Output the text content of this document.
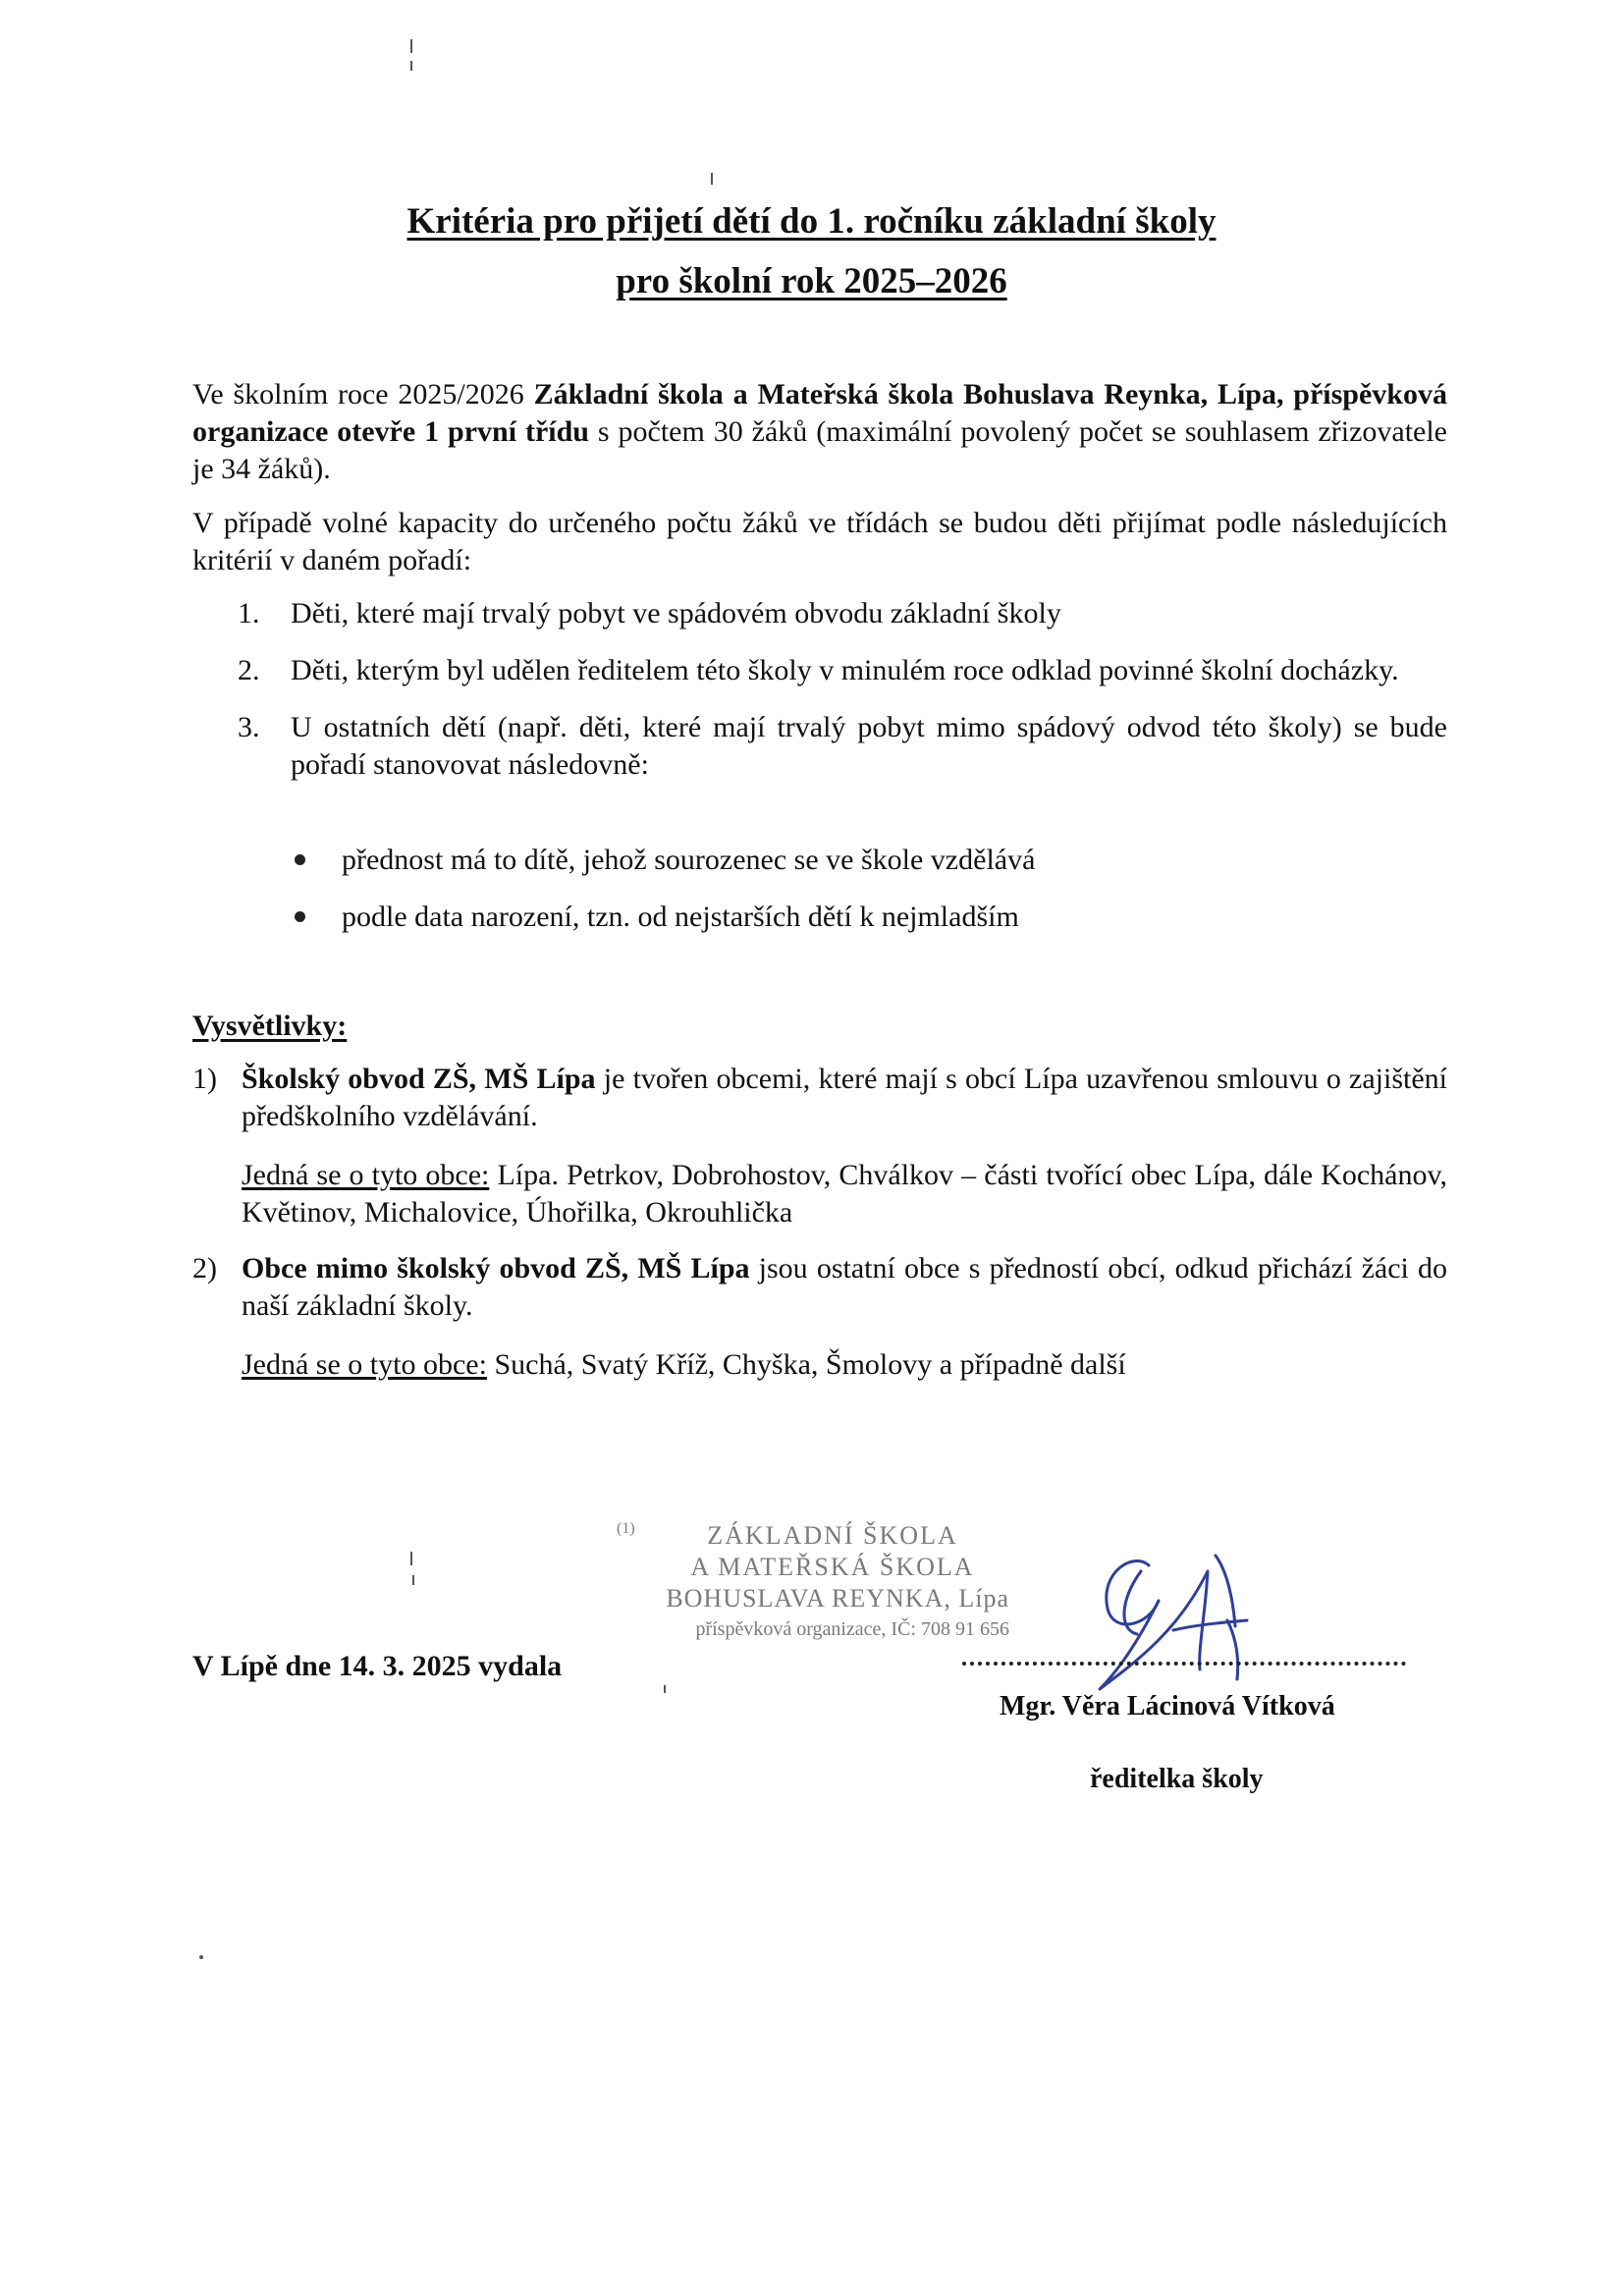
Kritéria pro přijetí dětí do 1. ročníku základní školy
pro školní rok 2025–2026

Ve školním roce 2025/2026 Základní škola a Mateřská škola Bohuslava Reynka, Lípa, příspěvková organizace otevře 1 první třídu s počtem 30 žáků (maximální povolený počet se souhlasem zřizovatele je 34 žáků).

V případě volné kapacity do určeného počtu žáků ve třídách se budou děti přijímat podle následujících kritérií v daném pořadí:

1. Děti, které mají trvalý pobyt ve spádovém obvodu základní školy
2. Děti, kterým byl udělen ředitelem této školy v minulém roce odklad povinné školní docházky.
3. U ostatních dětí (např. děti, které mají trvalý pobyt mimo spádový odvod této školy) se bude pořadí stanovovat následovně:
přednost má to dítě, jehož sourozenec se ve škole vzdělává
podle data narození, tzn. od nejstarších dětí k nejmladším

Vysvětlivky:

1) Školský obvod ZŠ, MŠ Lípa je tvořen obcemi, které mají s obcí Lípa uzavřenou smlouvu o zajištění předškolního vzdělávání.
Jedná se o tyto obce: Lípa. Petrkov, Dobrohostov, Chválkov – části tvořící obec Lípa, dále Kochánov, Květinov, Michalovice, Úhořilka, Okrouhlička
2) Obce mimo školský obvod ZŠ, MŠ Lípa jsou ostatní obce s předností obcí, odkud přichází žáci do naší základní školy.
Jedná se o tyto obce: Suchá, Svatý Kříž, Chyška, Šmolovy a případně další
ZÁKLADNÍ ŠKOLA
A MATEŘSKÁ ŠKOLA
BOHUSLAVA REYNKA, Lípa
příspěvková organizace, IČ: 708 91 656
(1)
V Lípě dne 14. 3. 2025 vydala
Mgr. Věra Lácinová Vítková
ředitelka školy
